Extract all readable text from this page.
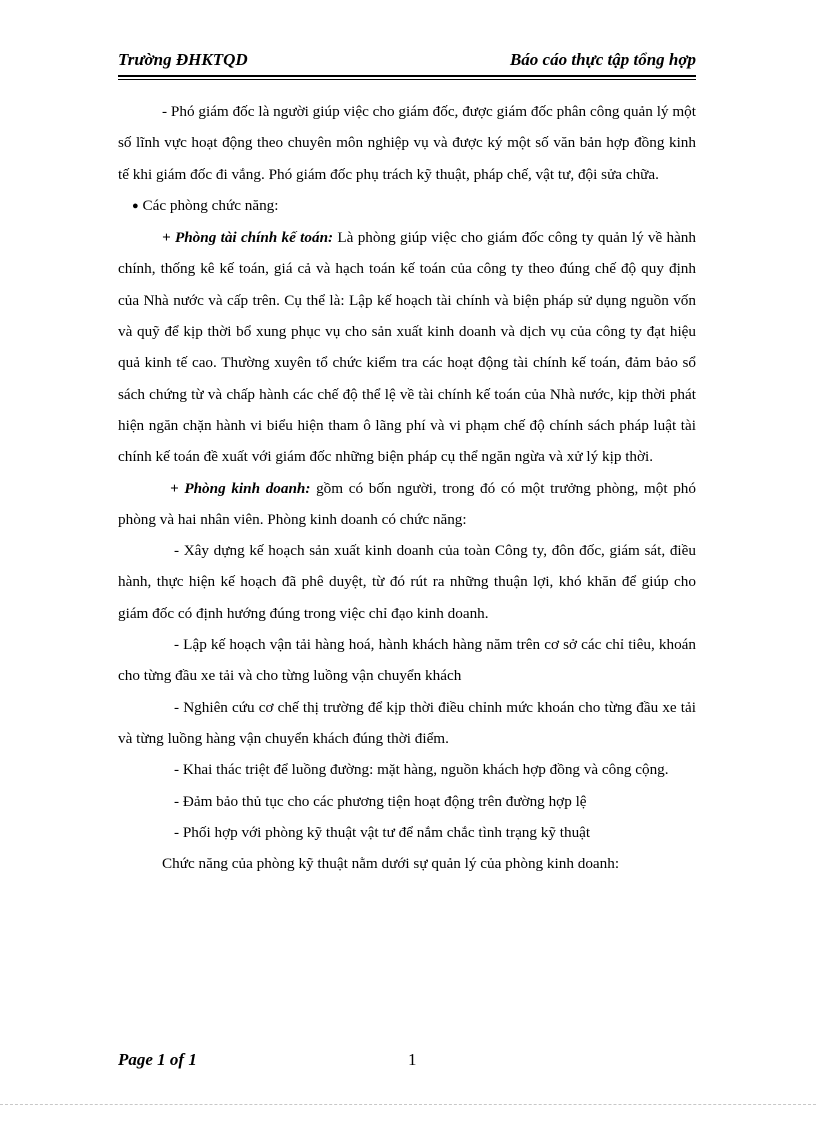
Trường ĐHKTQD	Báo cáo thực tập tổng hợp

- Phó giám đốc là người giúp việc cho giám đốc, được giám đốc phân công quản lý một số lĩnh vực hoạt động theo chuyên môn nghiệp vụ và được ký một số văn bản hợp đồng kinh tế khi giám đốc đi vắng. Phó giám đốc phụ trách kỹ thuật, pháp chế, vật tư, đội sửa chữa.

● Các phòng chức năng:

+ Phòng tài chính kế toán: Là phòng giúp việc cho giám đốc công ty quản lý về hành chính, thống kê kế toán, giá cả và hạch toán kế toán của công ty theo đúng chế độ quy định của Nhà nước và cấp trên. Cụ thể là: Lập kế hoạch tài chính và biện pháp sử dụng nguồn vốn và quỹ để kịp thời bổ xung phục vụ cho sản xuất kinh doanh và dịch vụ của công ty đạt hiệu quả kinh tế cao. Thường xuyên tổ chức kiểm tra các hoạt động tài chính kế toán, đảm bảo sổ sách chứng từ và chấp hành các chế độ thể lệ về tài chính kế toán của Nhà nước, kịp thời phát hiện ngăn chặn hành vi biểu hiện tham ô lãng phí và vi phạm chế độ chính sách pháp luật tài chính kế toán đề xuất với giám đốc những biện pháp cụ thể ngăn ngừa và xử lý kịp thời.

+ Phòng kinh doanh: gồm có bốn người, trong đó có một trưởng phòng, một phó phòng và hai nhân viên. Phòng kinh doanh có chức năng:

- Xây dựng kế hoạch sản xuất kinh doanh của toàn Công ty, đôn đốc, giám sát, điều hành, thực hiện kế hoạch đã phê duyệt, từ đó rút ra những thuận lợi, khó khăn để giúp cho giám đốc có định hướng đúng trong việc chỉ đạo kinh doanh.

- Lập kế hoạch vận tải hàng hoá, hành khách hàng năm trên cơ sở các chỉ tiêu, khoán cho từng đầu xe tải và cho từng luồng vận chuyển khách

- Nghiên cứu cơ chế thị trường để kịp thời điều chỉnh mức khoán cho từng đầu xe tải và từng luồng hàng vận chuyển khách đúng thời điểm.

- Khai thác triệt để luồng đường: mặt hàng, nguồn khách hợp đồng và công cộng.

- Đảm bảo thủ tục cho các phương tiện hoạt động trên đường hợp lệ

- Phối hợp với phòng kỹ thuật vật tư để nắm chắc tình trạng kỹ thuật

Chức năng của phòng kỹ thuật nằm dưới sự quản lý của phòng kinh doanh:

Page 1 of 1	1
